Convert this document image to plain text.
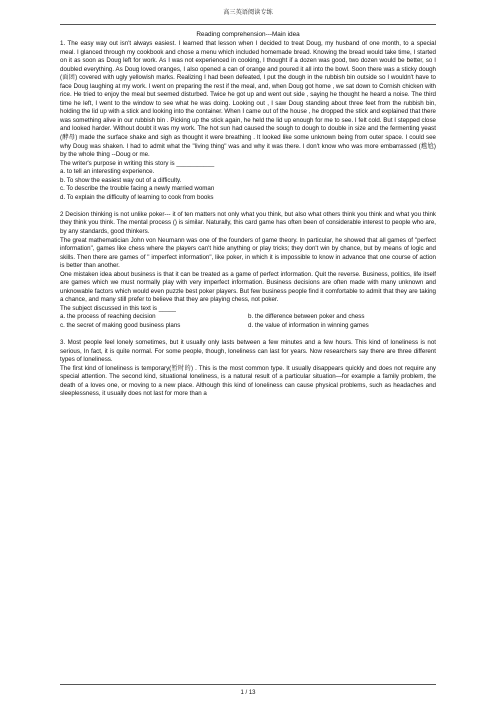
高三英语阅读专练
Reading comprehension---Main idea

1. The easy way out isn't always easiest. I learned that lesson when I decided to treat Doug, my husband of one month, to a special meal. I glanced through my cookbook and chose a menu which included homemade bread. Knowing the bread would take time, I started on it as soon as Doug left for work. As I was not experienced in cooking, I thought if a dozen was good, two dozen would be better, so I doubled everything. As Doug loved oranges, I also opened a can of orange and poured it all into the bowl. Soon there was a sticky dough (面团) covered with ugly yellowish marks. Realizing I had been defeated, I put the dough in the rubbish bin outside so I wouldn't have to face Doug laughing at my work. I went on preparing the rest if the meal, and, when Doug got home , we sat down to Cornish chicken with rice. He tried to enjoy the meal but seemed disturbed. Twice he got up and went out side , saying he thought he heard a noise. The third time he left, I went to the window to see what he was doing. Looking out , I saw Doug standing about three feet from the rubbish bin, holding the lid up with a stick and looking into the container. When I came out of the house , he dropped the stick and explained that there was something alive in our rubbish bin . Picking up the stick again, he held the lid up enough for me to see. I felt cold. But I stepped close and looked harder. Without doubt it was my work. The hot sun had caused the sough to dough to double in size and the fermenting yeast (酵母) made the surface shake and sigh as thought it were breathing . It looked like some unknown being from outer space. I could see why Doug was shaken. I had to admit what the "living thing" was and why it was there. I don't know who was more embarrassed (尴尬) by the whole thing --Doug or me.

The writer's purpose in writing this story is ___________

a. to tell an interesting experience.

b. To show the easiest way out of a difficulty.

c. To describe the trouble facing a newly married woman

d. To explain the difficulty of learning to cook from books

2 Decision thinking is not unlike poker--- it of ten matters not only what you think, but also what others think you think and what you think they think you think. The mental process () is similar. Naturally, this card game has often been of considerable interest to people who are, by any standards, good thinkers.

The great mathematician John von Neumann was one of the founders of game theory. In particular, he showed that all games of "perfect information", games like chess where the players can't hide anything or play tricks; they don't win by chance, but by means of logic and skills. Then there are games of " imperfect information", like poker, in which it is impossible to know in advance that one course of action is better than another.

One mistaken idea about business is that it can be treated as a game of perfect information. Quit the reverse. Business, politics, life itself are games which we must normally play with very imperfect information. Business decisions are often made with many unknown and unknowable factors which would even puzzle best poker players. But few business people find it comfortable to admit that they are taking a chance, and many still prefer to believe that they are playing chess, not poker.

The subject discussed in this text is _____

a. the process of reaching decision	b. the difference between poker and chess
c. the secret of making good business plans	d. the value of information in winning games

3. Most people feel lonely sometimes, but it usually only lasts between a few minutes and a few hours. This kind of loneliness is not serious, In fact, it is quite normal. For some people, though, loneliness can last for years. Now researchers say there are three different types of loneliness.

The first kind of loneliness is temporary(暂时的) . This is the most common type. It usually disappears quickly and does not require any special attention. The second kind, situational loneliness, is a natural result of a particular situation—for example a family problem, the death of a loves one, or moving to a new place. Although this kind of loneliness can cause physical problems, such as headaches and sleeplessness, it usually does not last for more than a

1 / 13
